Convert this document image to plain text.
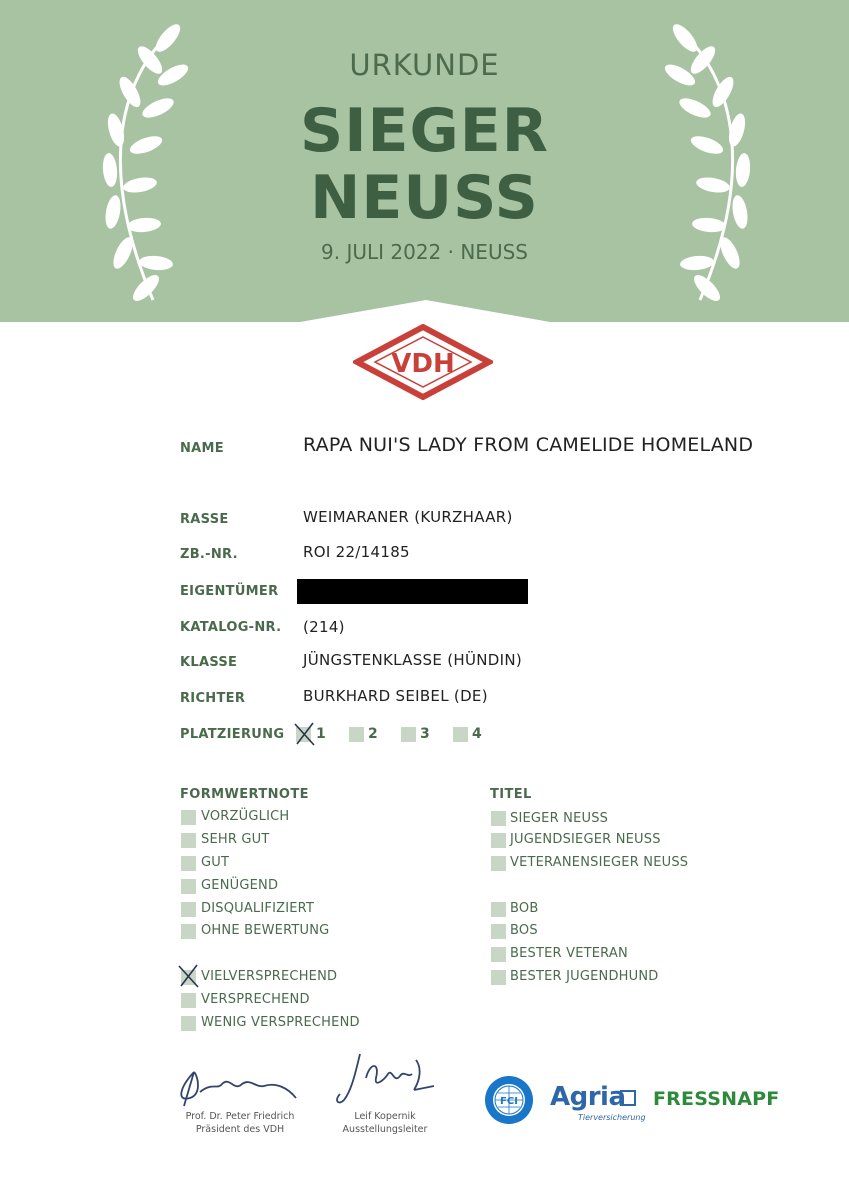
URKUNDE
SIEGER
NEUSS
9. JULI 2022 · NEUSS
VDH
NAME	RAPA NUI'S LADY FROM CAMELIDE HOMELAND
RASSE	WEIMARANER (KURZHAAR)
ZB.-NR.	ROI 22/14185
EIGENTÜMER
KATALOG-NR. (214)
KLASSE	JÜNGSTENKLASSE (HÜNDIN)
RICHTER	BURKHARD SEIBEL (DE)
PLATZIERUNG 1	2	3	4
FORMWERTNOTE
VORZÜGLICH
SEHR GUT
GUT
GENÜGEND
DISQUALIFIZIERT
OHNE BEWERTUNG
VIELVERSPRECHEND
VERSPRECHEND
WENIG VERSPRECHEND
TITEL
SIEGER NEUSS
JUGENDSIEGER NEUSS
VETERANENSIEGER NEUSS
BOB
BOS
BESTER VETERAN
BESTER JUGENDHUND
Prof. Dr. Peter Friedrich
Präsident des VDH
Leif Kopernik
Ausstellungsleiter
FCI Agria
Tierversicherung
FRESSNAPF
